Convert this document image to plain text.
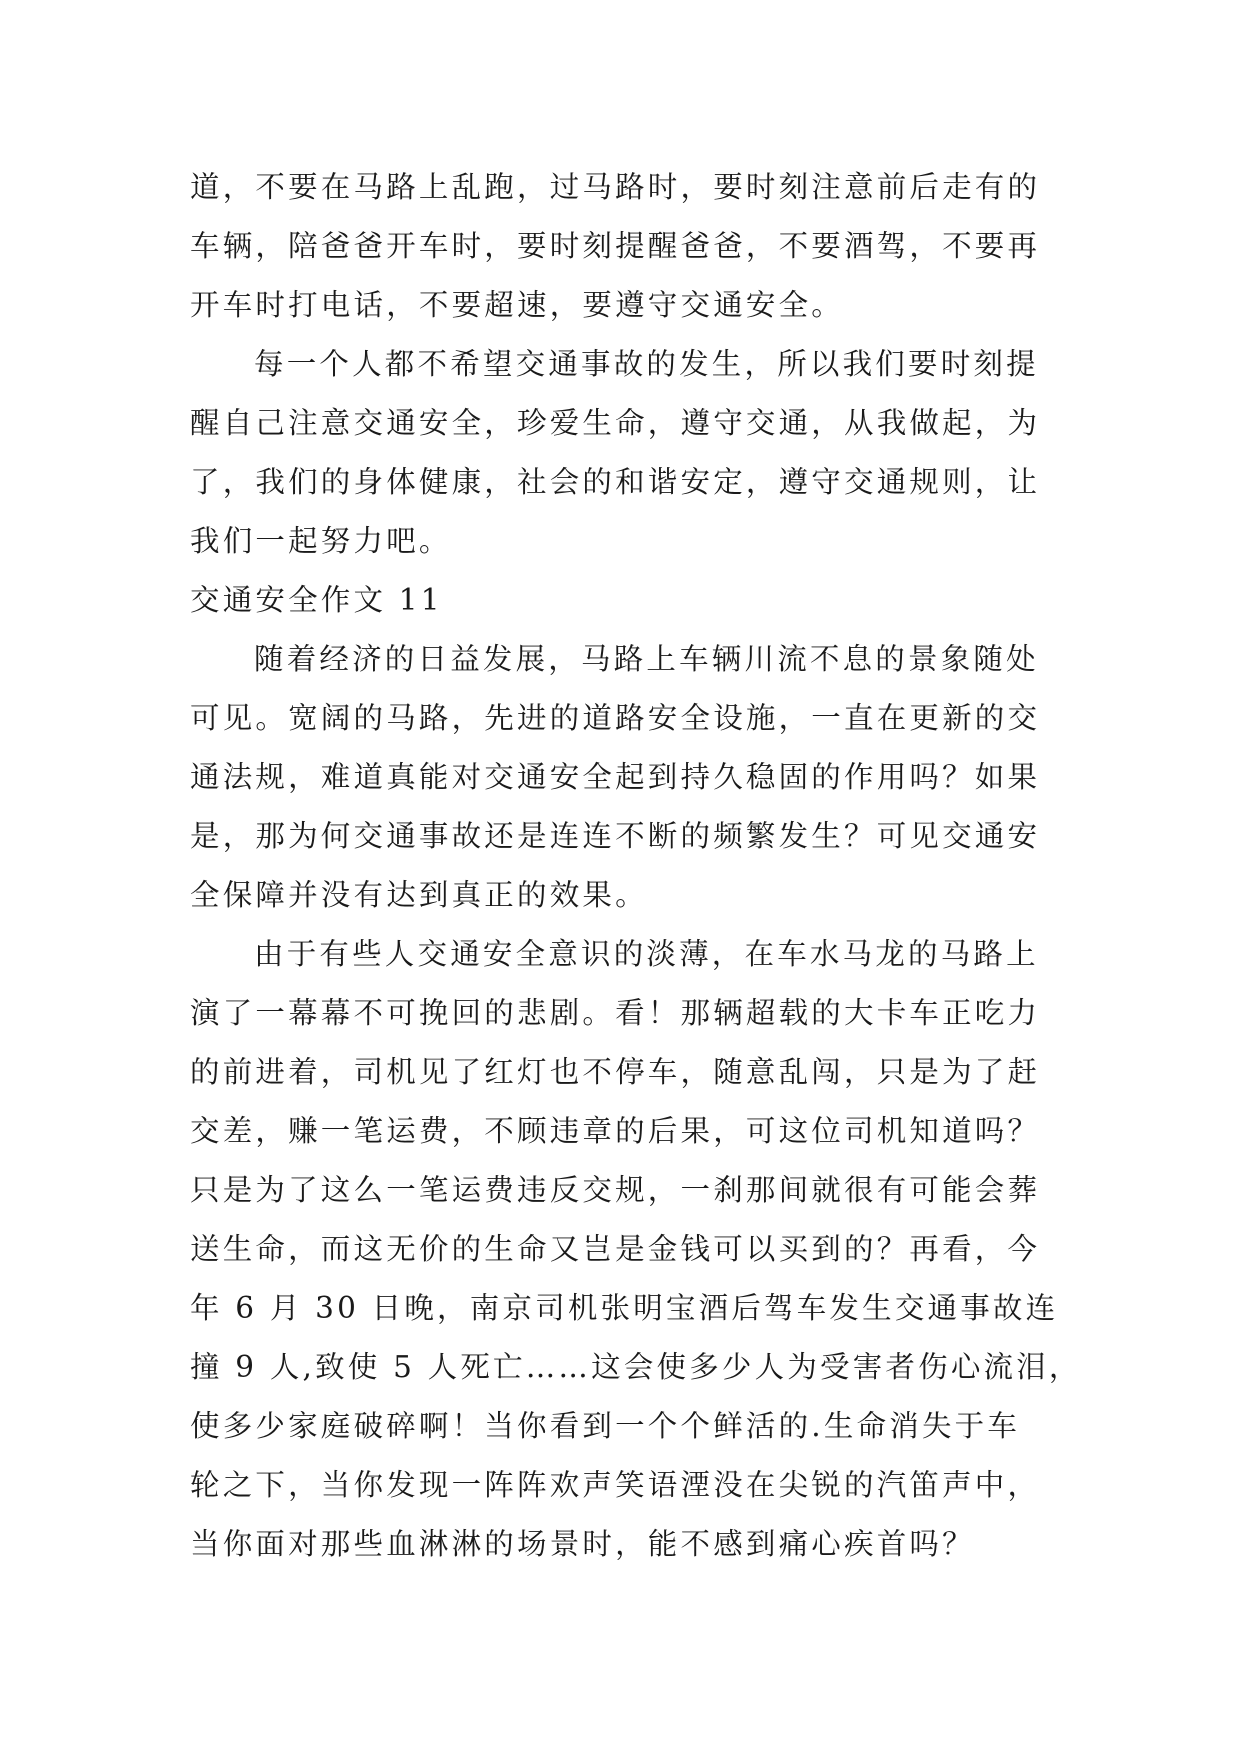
道，不要在马路上乱跑，过马路时，要时刻注意前后走有的
车辆，陪爸爸开车时，要时刻提醒爸爸，不要酒驾，不要再
开车时打电话，不要超速，要遵守交通安全。
每一个人都不希望交通事故的发生，所以我们要时刻提
醒自己注意交通安全，珍爱生命，遵守交通，从我做起，为
了，我们的身体健康，社会的和谐安定，遵守交通规则，让
我们一起努力吧。
交通安全作文 11
随着经济的日益发展，马路上车辆川流不息的景象随处
可见。宽阔的马路，先进的道路安全设施，一直在更新的交
通法规，难道真能对交通安全起到持久稳固的作用吗？如果
是，那为何交通事故还是连连不断的频繁发生？可见交通安
全保障并没有达到真正的效果。
由于有些人交通安全意识的淡薄，在车水马龙的马路上
演了一幕幕不可挽回的悲剧。看！那辆超载的大卡车正吃力
的前进着，司机见了红灯也不停车，随意乱闯，只是为了赶
交差，赚一笔运费，不顾违章的后果，可这位司机知道吗？
只是为了这么一笔运费违反交规，一刹那间就很有可能会葬
送生命，而这无价的生命又岂是金钱可以买到的？再看，今
年 6 月 30 日晚，南京司机张明宝酒后驾车发生交通事故连
撞 9 人,致使 5 人死亡……这会使多少人为受害者伤心流泪，
使多少家庭破碎啊！当你看到一个个鲜活的.生命消失于车
轮之下，当你发现一阵阵欢声笑语湮没在尖锐的汽笛声中，
当你面对那些血淋淋的场景时，能不感到痛心疾首吗？
